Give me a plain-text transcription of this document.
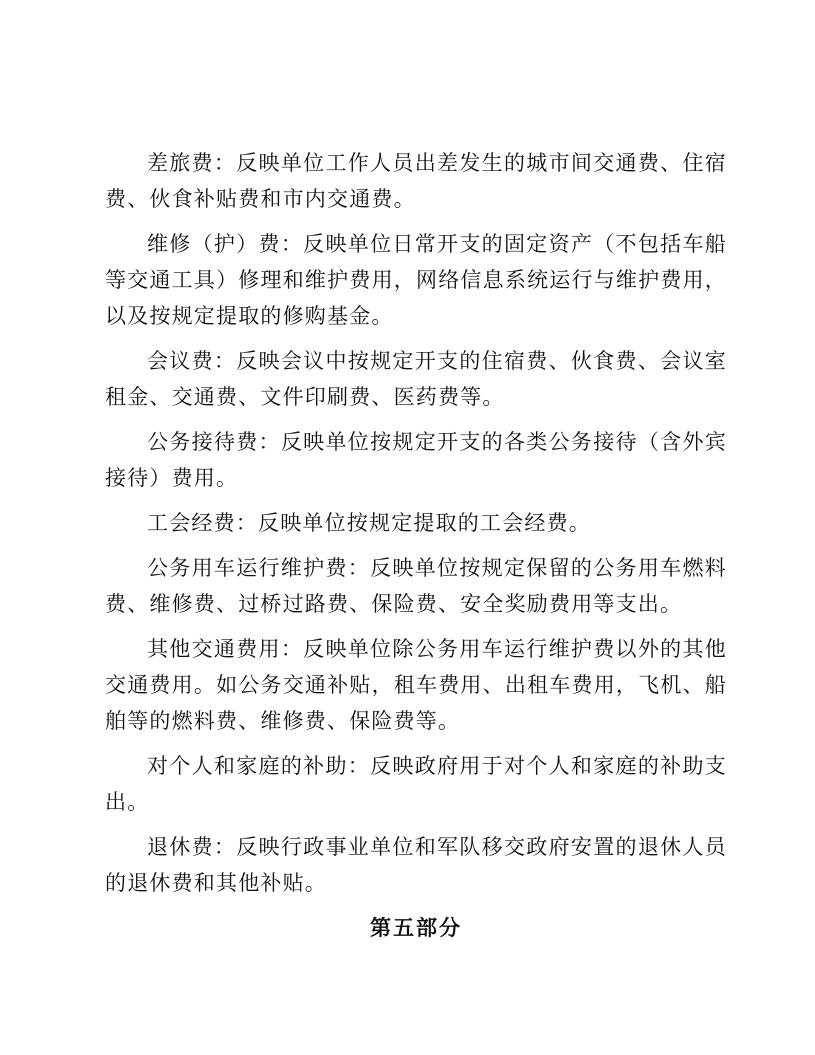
差旅费：反映单位工作人员出差发生的城市间交通费、住宿费、伙食补贴费和市内交通费。

维修（护）费：反映单位日常开支的固定资产（不包括车船等交通工具）修理和维护费用，网络信息系统运行与维护费用，以及按规定提取的修购基金。

会议费：反映会议中按规定开支的住宿费、伙食费、会议室租金、交通费、文件印刷费、医药费等。

公务接待费：反映单位按规定开支的各类公务接待（含外宾接待）费用。

工会经费：反映单位按规定提取的工会经费。

公务用车运行维护费：反映单位按规定保留的公务用车燃料费、维修费、过桥过路费、保险费、安全奖励费用等支出。

其他交通费用：反映单位除公务用车运行维护费以外的其他交通费用。如公务交通补贴，租车费用、出租车费用，飞机、船舶等的燃料费、维修费、保险费等。

对个人和家庭的补助：反映政府用于对个人和家庭的补助支出。

退休费：反映行政事业单位和军队移交政府安置的退休人员的退休费和其他补贴。

第五部分
